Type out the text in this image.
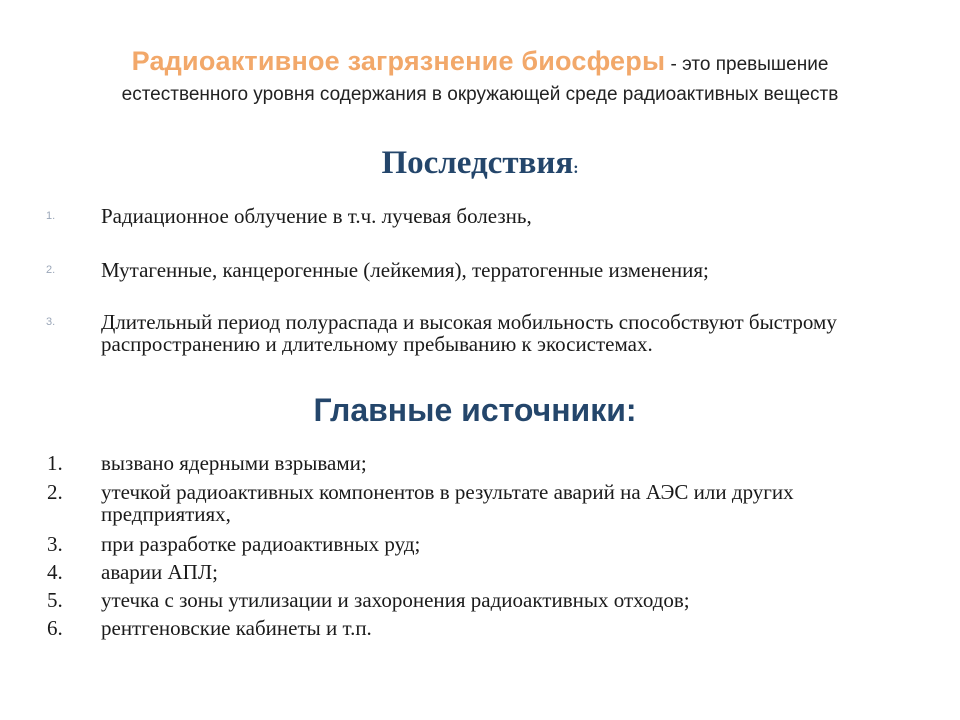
Радиоактивное загрязнение биосферы - это превышение
естественного уровня содержания в окружающей среде радиоактивных веществ
Последствия:
1. Радиационное облучение в т.ч. лучевая болезнь,
2. Мутагенные, канцерогенные (лейкемия), терратогенные изменения;
3. Длительный период полураспада и высокая мобильность способствуют быстрому распространению и длительному пребыванию к экосистемах.
Главные источники:
1. вызвано ядерными взрывами;
2. утечкой радиоактивных компонентов в результате аварий на АЭС или других предприятиях,
3. при разработке радиоактивных руд;
4. аварии АПЛ;
5. утечка с зоны утилизации и захоронения радиоактивных отходов;
6. рентгеновские кабинеты и т.п.
